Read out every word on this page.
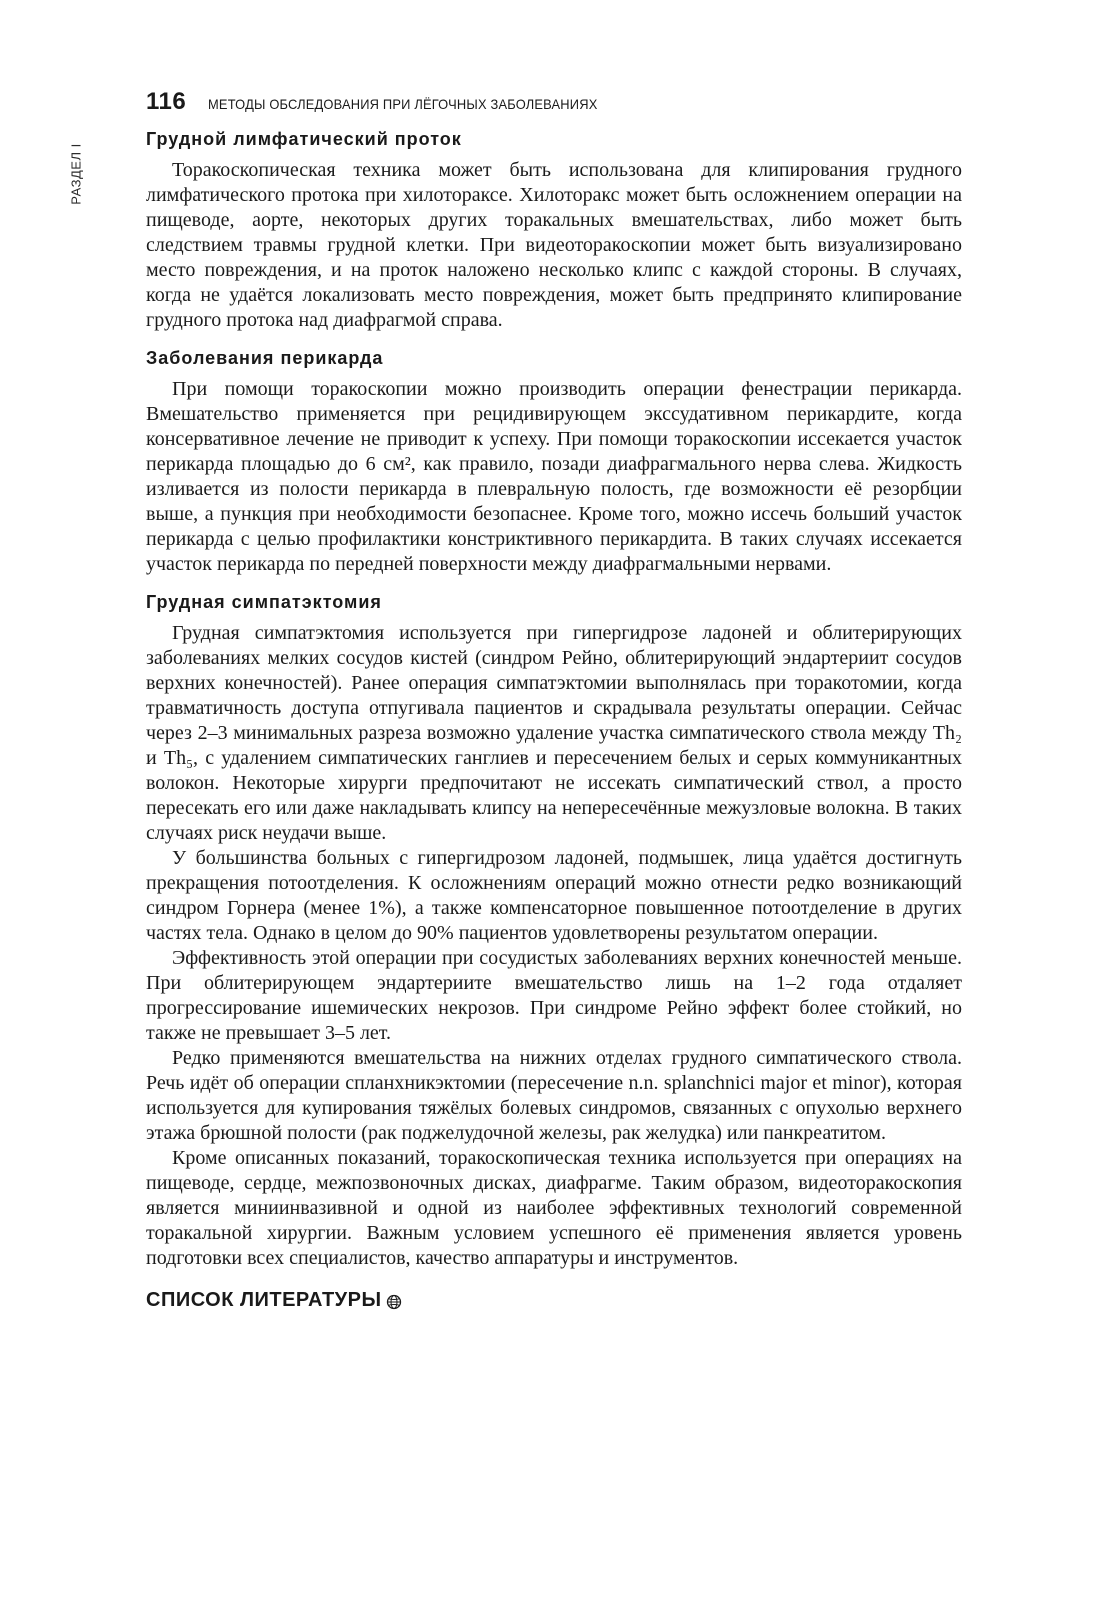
РАЗДЕЛ I
116 МЕТОДЫ ОБСЛЕДОВАНИЯ ПРИ ЛЁГОЧНЫХ ЗАБОЛЕВАНИЯХ
Грудной лимфатический проток

Торакоскопическая техника может быть использована для клипирования грудного лимфатического протока при хилотораксе. Хилоторакс может быть осложнением операции на пищеводе, аорте, некоторых других торакальных вмешательствах, либо может быть следствием травмы грудной клетки. При видеоторакоскопии может быть визуализировано место повреждения, и на проток наложено несколько клипс с каждой стороны. В случаях, когда не удаётся локализовать место повреждения, может быть предпринято клипирование грудного протока над диафрагмой справа.

Заболевания перикарда

При помощи торакоскопии можно производить операции фенестрации перикарда. Вмешательство применяется при рецидивирующем экссудативном перикардите, когда консервативное лечение не приводит к успеху. При помощи торакоскопии иссекается участок перикарда площадью до 6 см², как правило, позади диафрагмального нерва слева. Жидкость изливается из полости перикарда в плевральную полость, где возможности её резорбции выше, а пункция при необходимости безопаснее. Кроме того, можно иссечь больший участок перикарда с целью профилактики констриктивного перикардита. В таких случаях иссекается участок перикарда по передней поверхности между диафрагмальными нервами.

Грудная симпатэктомия

Грудная симпатэктомия используется при гипергидрозе ладоней и облитерирующих заболеваниях мелких сосудов кистей (синдром Рейно, облитерирующий эндартериит сосудов верхних конечностей). Ранее операция симпатэктомии выполнялась при торакотомии, когда травматичность доступа отпугивала пациентов и скрадывала результаты операции. Сейчас через 2–3 минимальных разреза возможно удаление участка симпатического ствола между Th₂ и Th₅, с удалением симпатических ганглиев и пересечением белых и серых коммуникантных волокон. Некоторые хирурги предпочитают не иссекать симпатический ствол, а просто пересекать его или даже накладывать клипсу на непересечённые межузловые волокна. В таких случаях риск неудачи выше.

У большинства больных с гипергидрозом ладоней, подмышек, лица удаётся достигнуть прекращения потоотделения. К осложнениям операций можно отнести редко возникающий синдром Горнера (менее 1%), а также компенсаторное повышенное потоотделение в других частях тела. Однако в целом до 90% пациентов удовлетворены результатом операции.

Эффективность этой операции при сосудистых заболеваниях верхних конечностей меньше. При облитерирующем эндартериите вмешательство лишь на 1–2 года отдаляет прогрессирование ишемических некрозов. При синдроме Рейно эффект более стойкий, но также не превышает 3–5 лет.

Редко применяются вмешательства на нижних отделах грудного симпатического ствола. Речь идёт об операции спланхникэктомии (пересечение n.n. splanchnici major et minor), которая используется для купирования тяжёлых болевых синдромов, связанных с опухолью верхнего этажа брюшной полости (рак поджелудочной железы, рак желудка) или панкреатитом.

Кроме описанных показаний, торакоскопическая техника используется при операциях на пищеводе, сердце, межпозвоночных дисках, диафрагме. Таким образом, видеоторакоскопия является миниинвазивной и одной из наиболее эффективных технологий современной торакальной хирургии. Важным условием успешного её применения является уровень подготовки всех специалистов, качество аппаратуры и инструментов.

СПИСОК ЛИТЕРАТУРЫ
